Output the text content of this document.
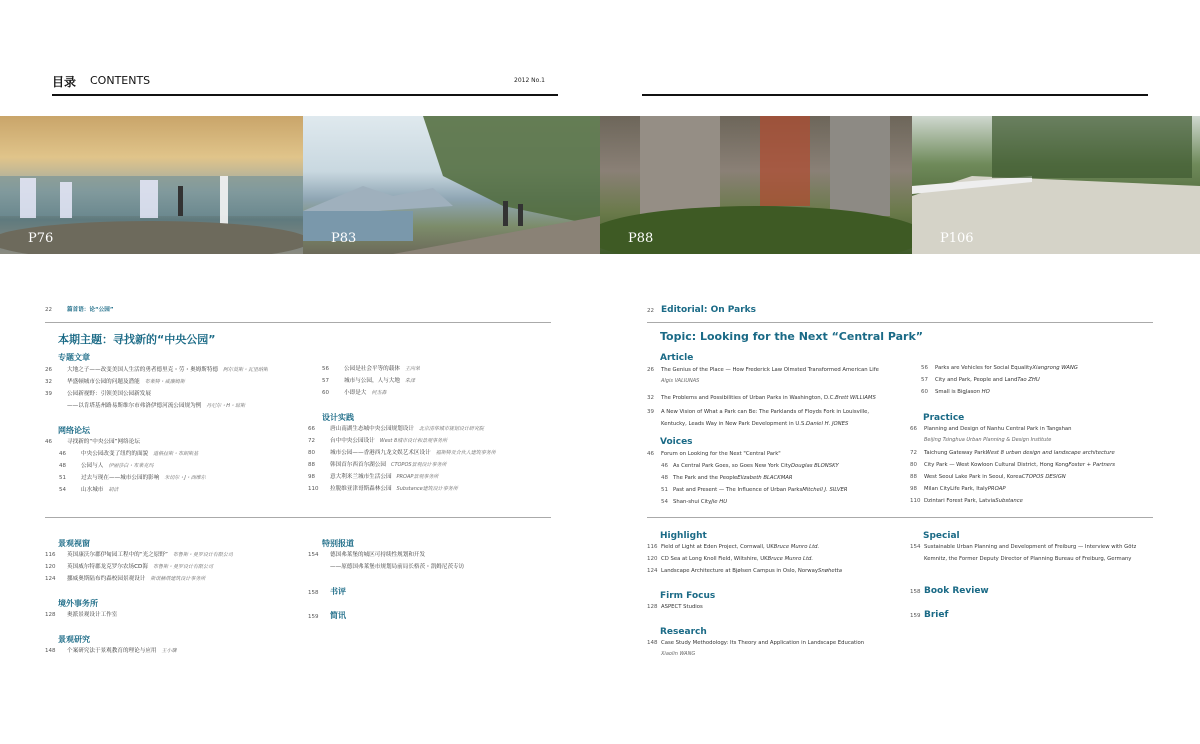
目录 CONTENTS	2012 No.1
P76	P83	P88	P106
22	篇首语：论“公园”
本期主题：寻找新的“中央公园”
专题文章
26	大地之子——改变美国人生活的勇者德里克・劳・奥姆斯特德 阿尔莫斯・瓦里纳斯
32	华盛顿城市公园的问题及潜能 布莱特・威廉姆斯
39	公园新视野：引领美国公园新发展
——以肯塔基州路易斯维尔市弗洛伊德河流公园规为例 丹尼尔・H・琼斯
网络论坛
46	寻找新的“中央公园”网络论坛
46	中央公园改变了纽约的面貌 道格拉斯・布朗斯基
48	公园与人 伊丽莎白・布莱克玛
51	过去与现在——城市公园的影响 米切尔・J・西维尔
54	山水城市 胡洁
56	公园是社会平等的载体 王向荣
57	城市与公园，人与大地 朱泽
60	小即是大 何杰森
设计实践
66	唐山南湖生态城中央公园规划设计 北京清华城市规划设计研究院
72	台中中央公园设计 West 8城市设计和景观事务所
80	城市公园——香港西九龙文娱艺术区设计 福斯特及合伙人建筑事务所
88	韩国首尔西首尔湖公园 CTOPOS景观设计事务所
98	意大利米兰城市生活公园 PROAP景观事务所
110 拉脱维亚津哥斯森林公园 Substance建筑设计事务所
景观视窗
116 英国康沃尔郡伊甸园工程中的“光之原野” 布鲁斯・曼罗设计有限公司
120 英国威尔特郡龙克罗尔农场CD海 布鲁斯・曼罗设计有限公司
124 挪威奥斯陆布约森校园景观设计 斯诺赫塔建筑设计事务所
境外事务所
128 奥派景观设计工作室
景观研究
148 个案研究法于景观教育的理论与应用 王小璘
特别报道
154 德国弗莱堡的城区可持续性规划和开发
——原德国弗莱堡市规划局前局长格茨・凯姆尼茨专访
158 书评
159 简讯
22 Editorial: On Parks
Topic: Looking for the Next “Central Park”
Article
26 The Genius of the Place — How Frederick Law Olmsted Transformed American Life
Algis VALIUNAS
32 The Problems and Possibilities of Urban Parks in Washington, D.C.Brett WILLIAMS
39 A New Vision of What a Park can Be: The Parklands of Floyds Fork in Louisville,
Kentucky, Leads Way in New Park Development in U.S.Daniel H. JONES
Voices
46 Forum on Looking for the Next "Central Park"
46 As Central Park Goes, so Goes New York CityDouglas BLONSKY
48 The Park and the PeopleElizabeth BLACKMAR
51 Past and Present — The Influence of Urban ParksMitchell J. SILVER
54 Shan-shui CityJie HU
56 Parks are Vehicles for Social EqualityXiangrong WANG
57 City and Park, People and LandTao ZHU
60 Small is BigJason HO
Practice
66 Planning and Design of Nanhu Central Park in Tangshan
Beijing Tsinghua Urban Planning & Design Institute
72 Taichung Gateway ParkWest 8 urban design and landscape architecture
80 City Park — West Kowloon Cultural District, Hong KongFoster + Partners
88 West Seoul Lake Park in Seoul, KoreaCTOPOS DESIGN
98 Milan CityLife Park, ItalyPROAP
110 Dzintari Forest Park, LatviaSubstance
Highlight
116 Field of Light at Eden Project, Cornwall, UKBruce Munro Ltd.
120 CD Sea at Long Knoll Field, Wiltshire, UKBruce Munro Ltd.
124 Landscape Architecture at Bjølsen Campus in Oslo, NorwaySnøhetta
Firm Focus
128 ASPECT Studios
Research
148 Case Study Methodology: Its Theory and Application in Landscape Education
Xiaolin WANG
Special
154 Sustainable Urban Planning and Development of Freiburg — Interview with Götz
Kemnitz, the Former Deputy Director of Planning Bureau of Freiburg, Germany
158 Book Review
159 Brief
